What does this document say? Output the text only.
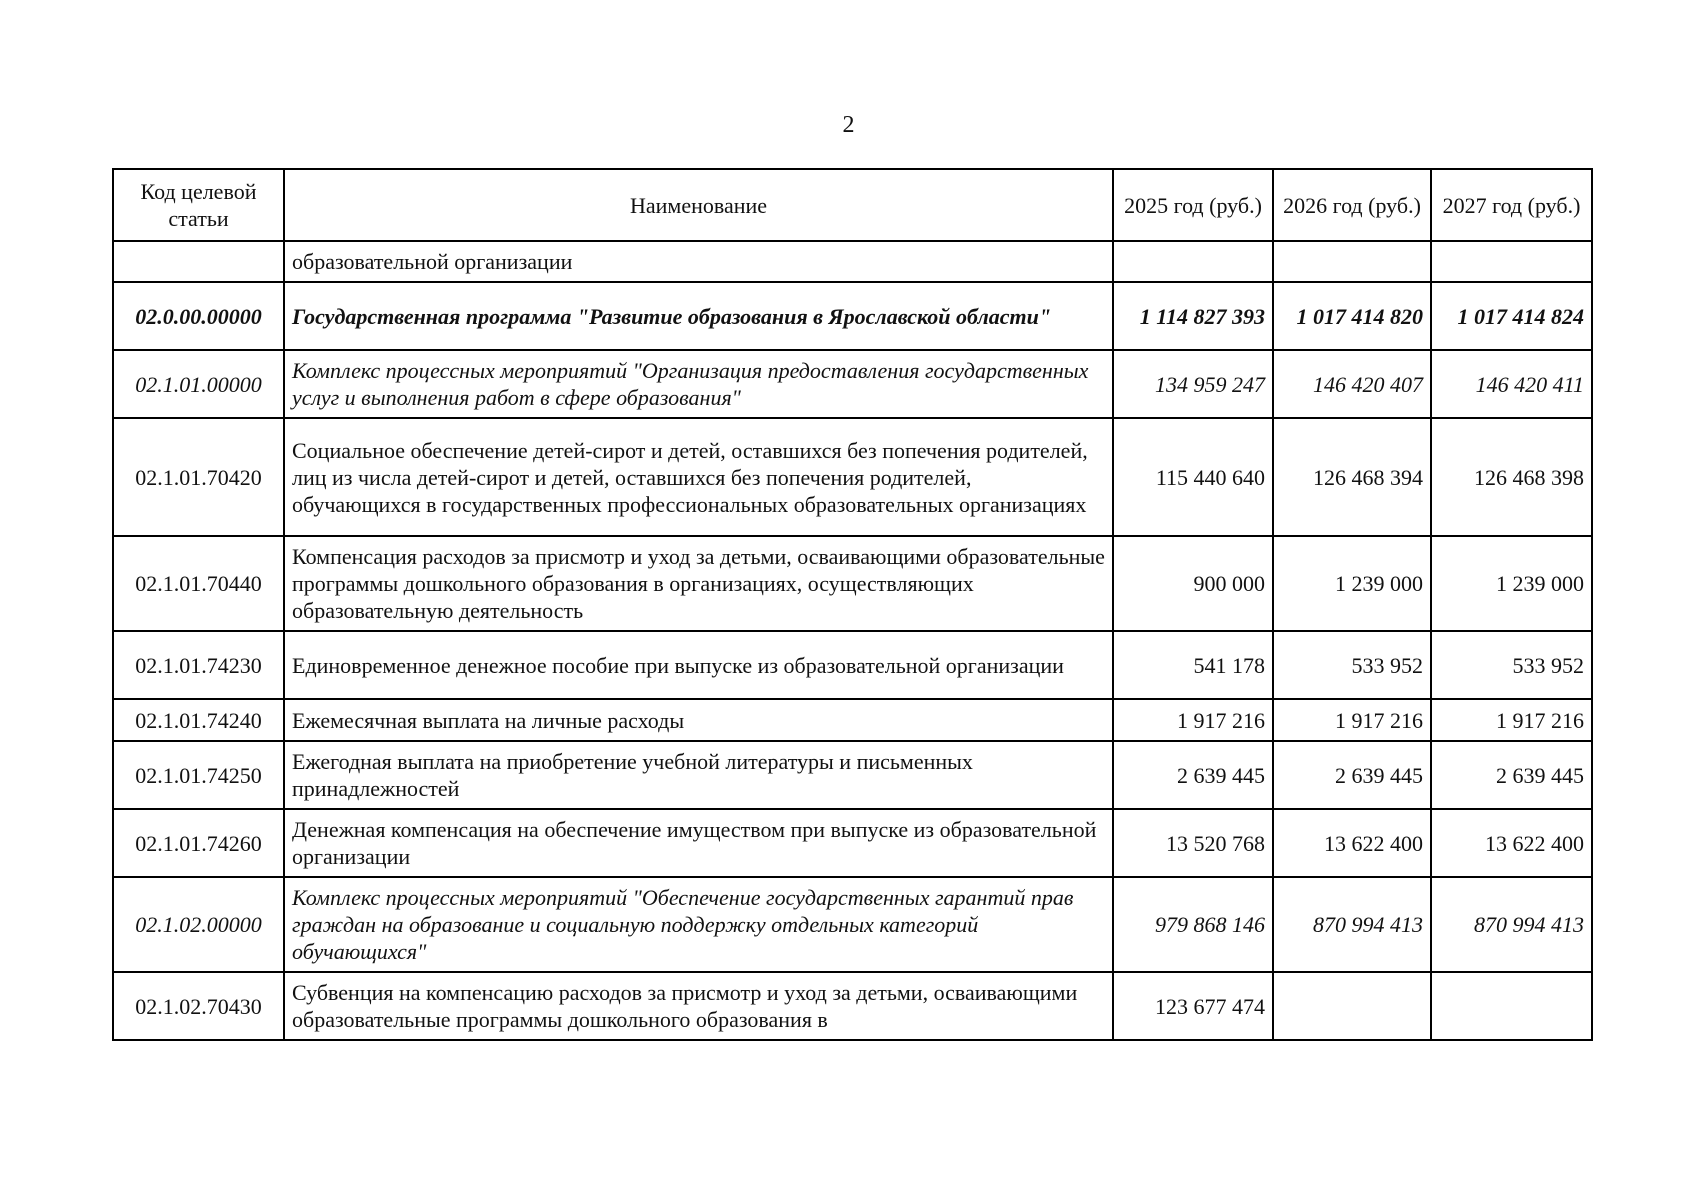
2
Код целевой статьи	Наименование	2025 год (руб.)	2026 год (руб.)	2027 год (руб.)
	образовательной организации			
02.0.00.00000	Государственная программа "Развитие образования в Ярославской области"	1 114 827 393	1 017 414 820	1 017 414 824
02.1.01.00000	Комплекс процессных мероприятий "Организация предоставления государственных услуг и выполнения работ в сфере образования"	134 959 247	146 420 407	146 420 411
02.1.01.70420	Социальное обеспечение детей-сирот и детей, оставшихся без попечения родителей, лиц из числа детей-сирот и детей, оставшихся без попечения родителей, обучающихся в государственных профессиональных образовательных организациях	115 440 640	126 468 394	126 468 398
02.1.01.70440	Компенсация расходов за присмотр и уход за детьми, осваивающими образовательные программы дошкольного образования в организациях, осуществляющих образовательную деятельность	900 000	1 239 000	1 239 000
02.1.01.74230	Единовременное денежное пособие при выпуске из образовательной организации	541 178	533 952	533 952
02.1.01.74240	Ежемесячная выплата на личные расходы	1 917 216	1 917 216	1 917 216
02.1.01.74250	Ежегодная выплата на приобретение учебной литературы и письменных принадлежностей	2 639 445	2 639 445	2 639 445
02.1.01.74260	Денежная компенсация на обеспечение имуществом при выпуске из образовательной организации	13 520 768	13 622 400	13 622 400
02.1.02.00000	Комплекс процессных мероприятий "Обеспечение государственных гарантий прав граждан на образование и социальную поддержку отдельных категорий обучающихся"	979 868 146	870 994 413	870 994 413
02.1.02.70430	Субвенция на компенсацию расходов за присмотр и уход за детьми, осваивающими образовательные программы дошкольного образования в	123 677 474		
